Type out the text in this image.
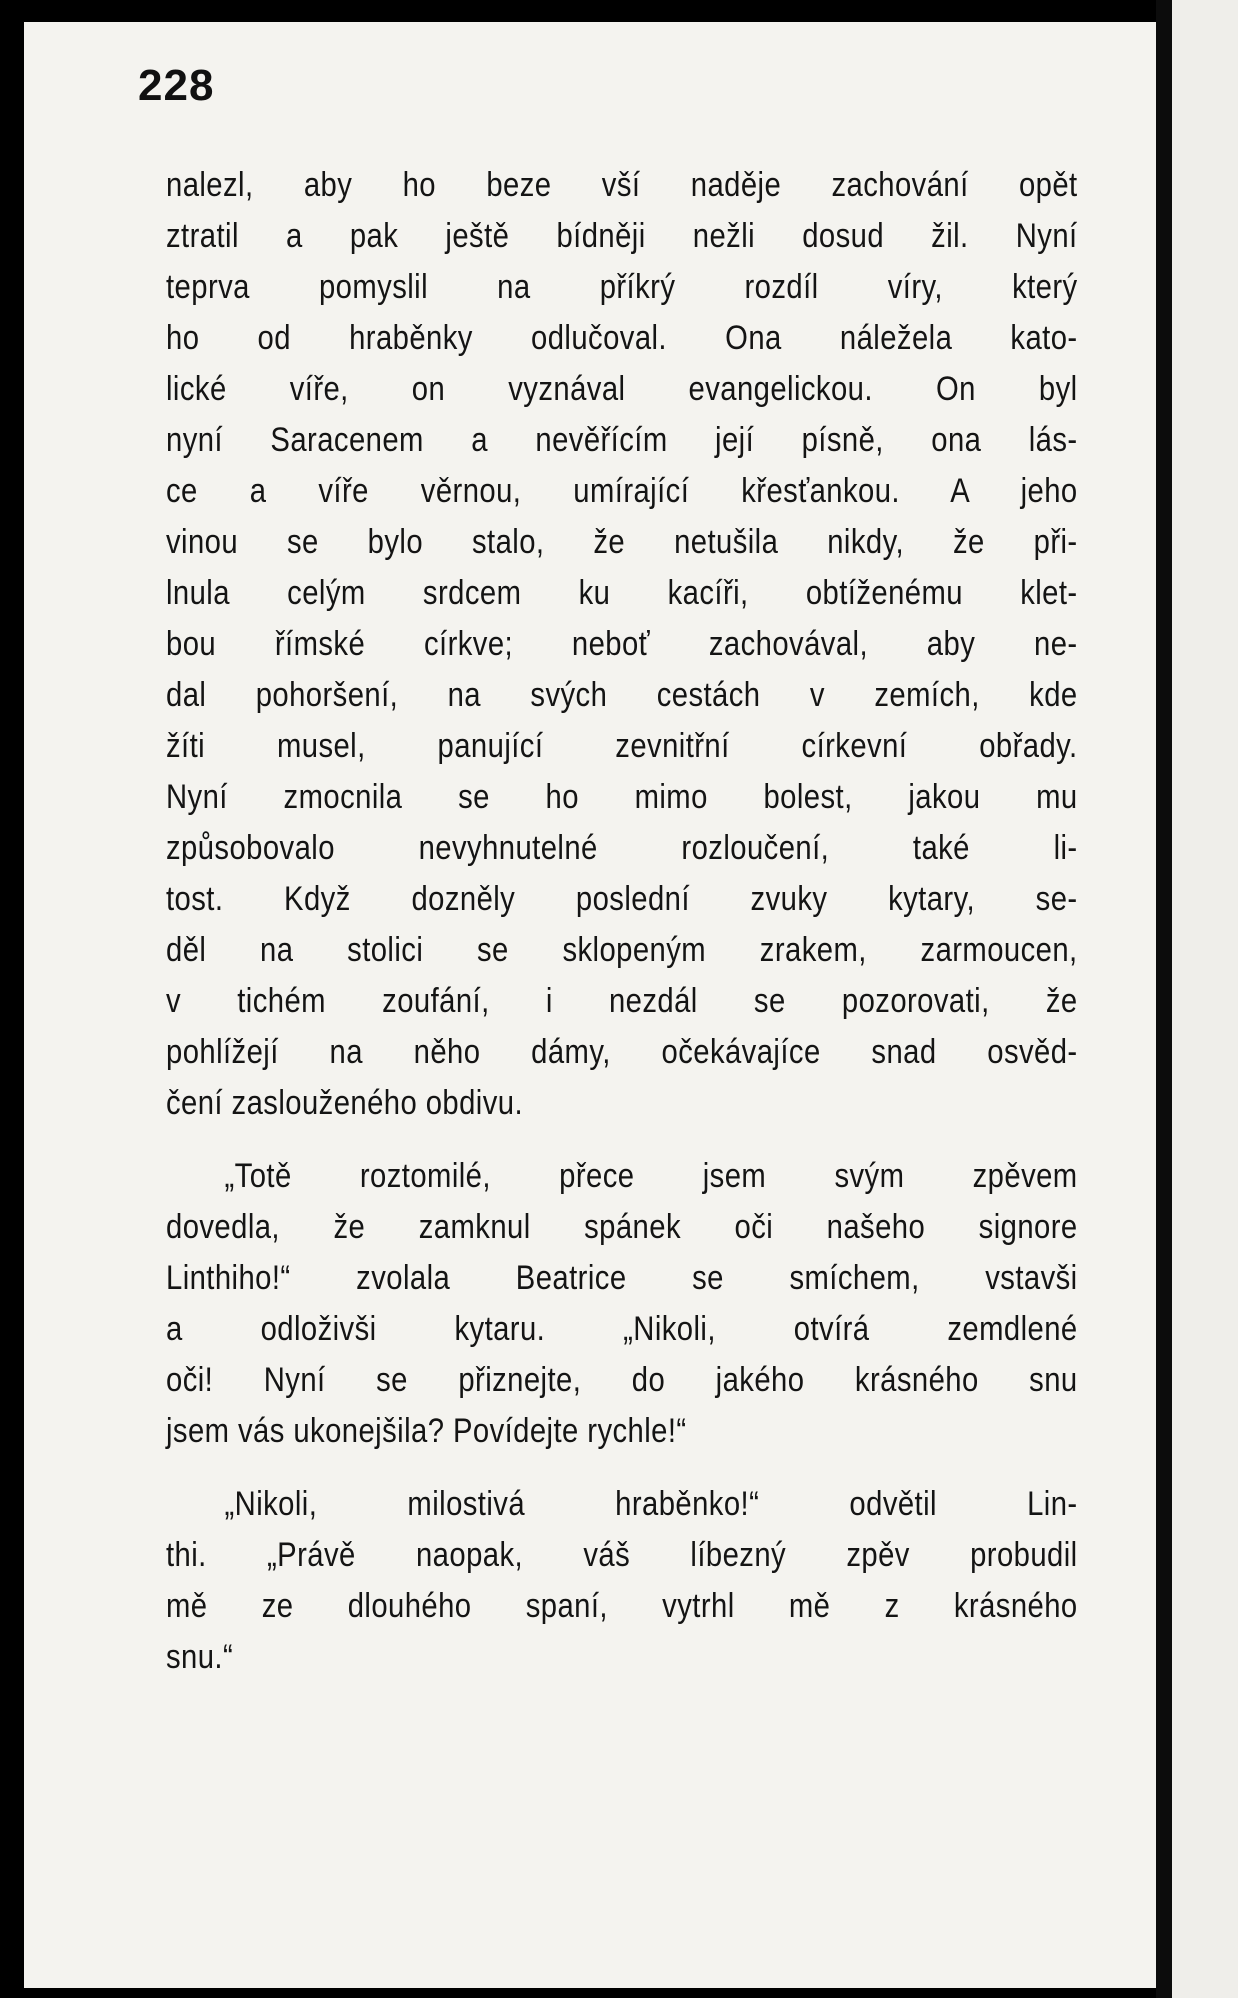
228
nalezl, aby ho beze vší naděje zachování opět
ztratil a pak ještě bídněji nežli dosud žil. Nyní
teprva pomyslil na příkrý rozdíl víry, který
ho od hraběnky odlučoval. Ona náležela kato-
lické víře, on vyznával evangelickou. On byl
nyní Saracenem a nevěřícím její písně, ona lás-
ce a víře věrnou, umírající křesťankou. A jeho
vinou se bylo stalo, že netušila nikdy, že při-
lnula celým srdcem ku kacíři, obtíženému klet-
bou římské církve; neboť zachovával, aby ne-
dal pohoršení, na svých cestách v zemích, kde
žíti musel, panující zevnitřní církevní obřady.
Nyní zmocnila se ho mimo bolest, jakou mu
způsobovalo nevyhnutelné rozloučení, také li-
tost. Když dozněly poslední zvuky kytary, se-
děl na stolici se sklopeným zrakem, zarmoucen,
v tichém zoufání, i nezdál se pozorovati, že
pohlížejí na něho dámy, očekávajíce snad osvěd-
čení zaslouženého obdivu.
„Totě roztomilé, přece jsem svým zpěvem
dovedla, že zamknul spánek oči našeho signore
Linthiho!“ zvolala Beatrice se smíchem, vstavši
a odloživši kytaru. „Nikoli, otvírá zemdlené
oči! Nyní se přiznejte, do jakého krásného snu
jsem vás ukonejšila? Povídejte rychle!“
„Nikoli, milostivá hraběnko!“ odvětil Lin-
thi. „Právě naopak, váš líbezný zpěv probudil
mě ze dlouhého spaní, vytrhl mě z krásného
snu.“
